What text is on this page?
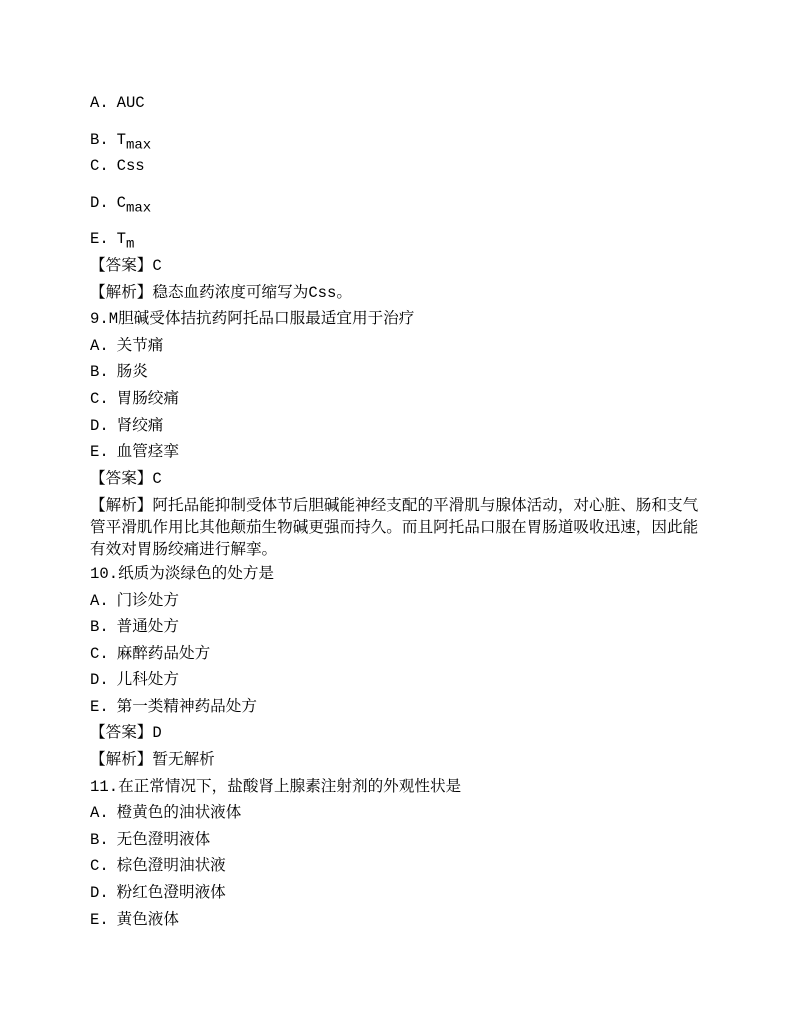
A. AUC
B. $T_{max}$
C. Css
D. $C_{max}$
E. $T_m$
【答案】C
【解析】稳态血药浓度可缩写为Css。
9.M胆碱受体拮抗药阿托品口服最适宜用于治疗
A. 关节痛
B. 肠炎
C. 胃肠绞痛
D. 肾绞痛
E. 血管痉挛
【答案】C
【解析】阿托品能抑制受体节后胆碱能神经支配的平滑肌与腺体活动，对心脏、肠和支气管平滑肌作用比其他颠茄生物碱更强而持久。而且阿托品口服在胃肠道吸收迅速，因此能有效对胃肠绞痛进行解挛。
10.纸质为淡绿色的处方是
A. 门诊处方
B. 普通处方
C. 麻醉药品处方
D. 儿科处方
E. 第一类精神药品处方
【答案】D
【解析】暂无解析
11.在正常情况下，盐酸肾上腺素注射剂的外观性状是
A. 橙黄色的油状液体
B. 无色澄明液体
C. 棕色澄明油状液
D. 粉红色澄明液体
E. 黄色液体
